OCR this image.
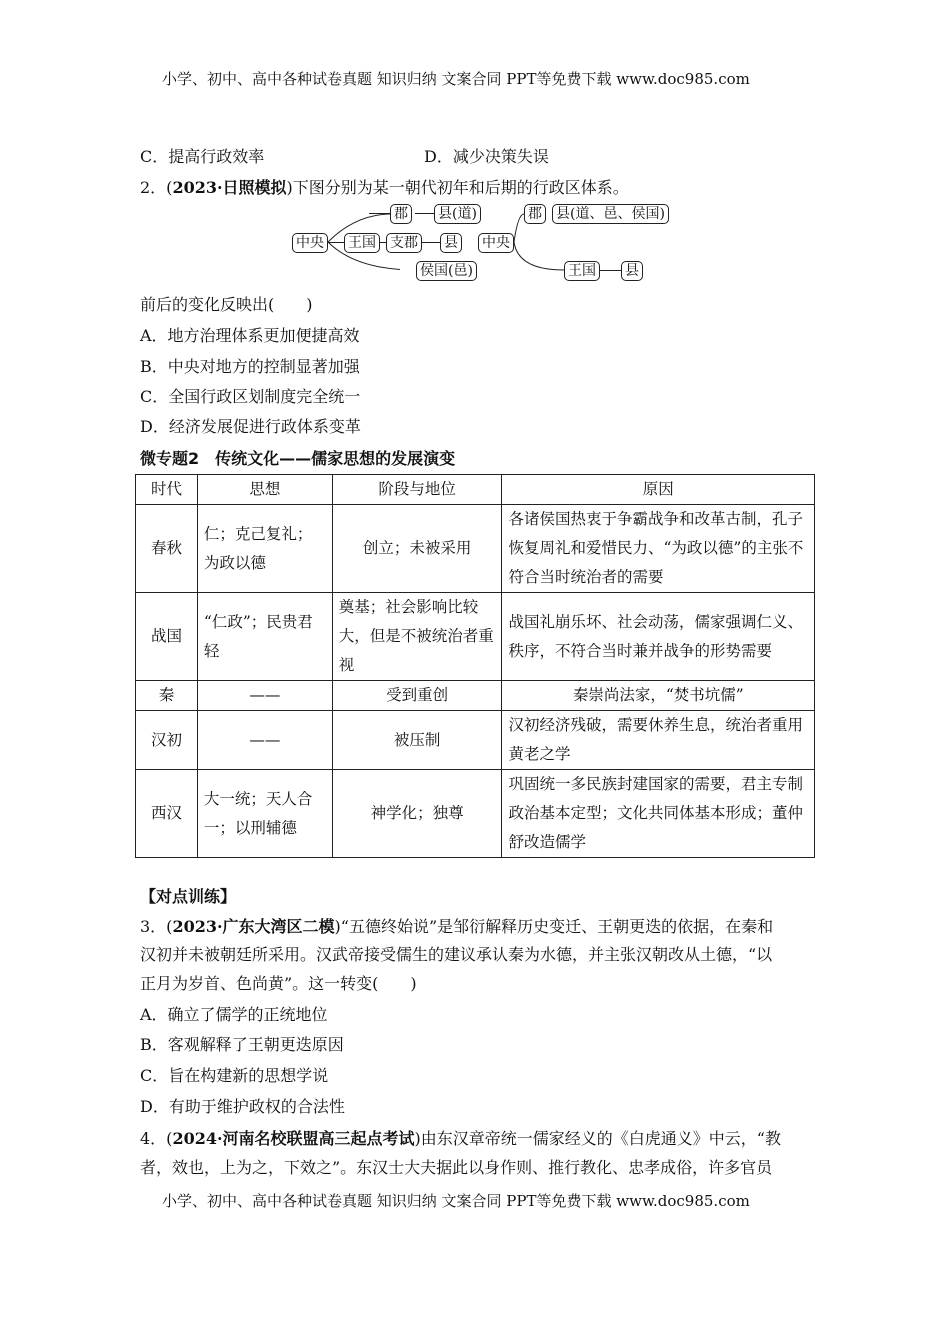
小学、初中、高中各种试卷真题 知识归纳 文案合同 PPT等免费下载 www.doc985.com
C．提高行政效率	D．减少决策失误
2．(2023·日照模拟)下图分别为某一朝代初年和后期的行政区体系。
中央
郡 县(道)
王国 支郡 县
侯国(邑)
中央
郡 县(道、邑、侯国)
王国 县
前后的变化反映出(　　)
A．地方治理体系更加便捷高效
B．中央对地方的控制显著加强
C．全国行政区划制度完全统一
D．经济发展促进行政体系变革
微专题2　传统文化——儒家思想的发展演变
时代	思想	阶段与地位	原因
春秋	仁；克己复礼；为政以德	创立；未被采用	各诸侯国热衷于争霸战争和改革古制，孔子恢复周礼和爱惜民力、“为政以德”的主张不符合当时统治者的需要
战国	“仁政”；民贵君轻	奠基；社会影响比较大，但是不被统治者重视	战国礼崩乐坏、社会动荡，儒家强调仁义、秩序，不符合当时兼并战争的形势需要
秦	——	受到重创	秦崇尚法家，“焚书坑儒”
汉初	——	被压制	汉初经济残破，需要休养生息，统治者重用黄老之学
西汉	大一统；天人合一；以刑辅德	神学化；独尊	巩固统一多民族封建国家的需要，君主专制政治基本定型；文化共同体基本形成；董仲舒改造儒学
【对点训练】
3．(2023·广东大湾区二模)“五德终始说”是邹衍解释历史变迁、王朝更迭的依据，在秦和
汉初并未被朝廷所采用。汉武帝接受儒生的建议承认秦为水德，并主张汉朝改从土德，“以
正月为岁首、色尚黄”。这一转变(　　)
A．确立了儒学的正统地位
B．客观解释了王朝更迭原因
C．旨在构建新的思想学说
D．有助于维护政权的合法性
4．(2024·河南名校联盟高三起点考试)由东汉章帝统一儒家经义的《白虎通义》中云，“教
者，效也，上为之，下效之”。东汉士大夫据此以身作则、推行教化、忠孝成俗，许多官员
小学、初中、高中各种试卷真题 知识归纳 文案合同 PPT等免费下载 www.doc985.com
